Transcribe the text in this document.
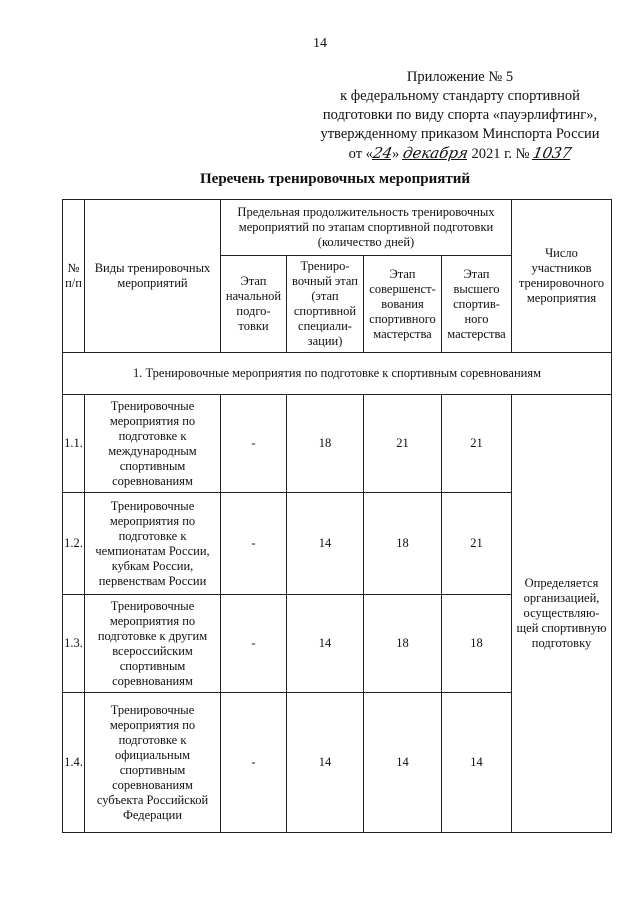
14
Приложение № 5
к федеральному стандарту спортивной
подготовки по виду спорта «пауэрлифтинг»,
утвержденному приказом Минспорта России
от «24» декабря 2021 г. № 1037
Перечень тренировочных мероприятий
№ п/п	Виды тренировочных мероприятий	Предельная продолжительность тренировочных мероприятий по этапам спортивной подготовки (количество дней)				Число участников тренировочного мероприятия
		Этап начальной подго-товки	Трениро-вочный этап (этап спортивной специали-зации)	Этап совершенст-вования спортивного мастерства	Этап высшего спортив-ного мастерства	
1. Тренировочные мероприятия по подготовке к спортивным соревнованиям						
1.1.	Тренировочные мероприятия по подготовке к международным спортивным соревнованиям	-	18	21	21	Определяется организацией, осуществляю-щей спортивную подготовку
1.2.	Тренировочные мероприятия по подготовке к чемпионатам России, кубкам России, первенствам России	-	14	18	21	
1.3.	Тренировочные мероприятия по подготовке к другим всероссийским спортивным соревнованиям	-	14	18	18	
1.4.	Тренировочные мероприятия по подготовке к официальным спортивным соревнованиям субъекта Российской Федерации	-	14	14	14	
